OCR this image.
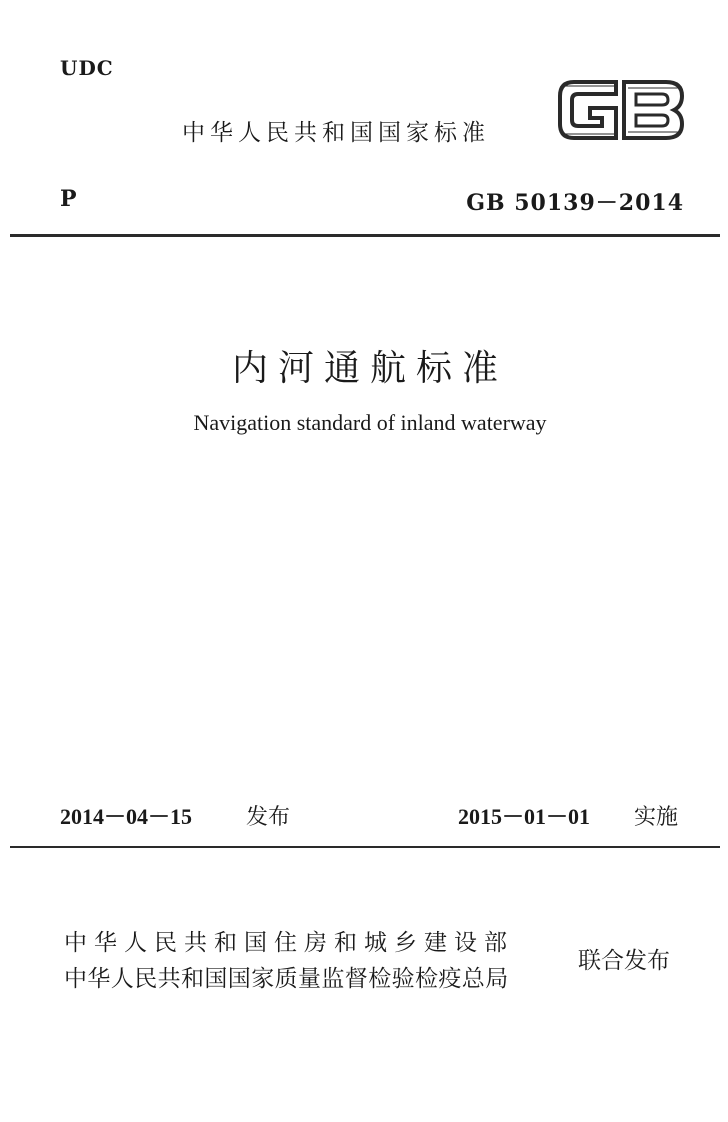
UDC
中华人民共和国国家标准
P	GB 50139－2014
内河通航标准
Navigation standard of inland waterway
2014－04－15 发布	2015－01－01 实施
中华人民共和国住房和城乡建设部
中华人民共和国国家质量监督检验检疫总局
联合发布
